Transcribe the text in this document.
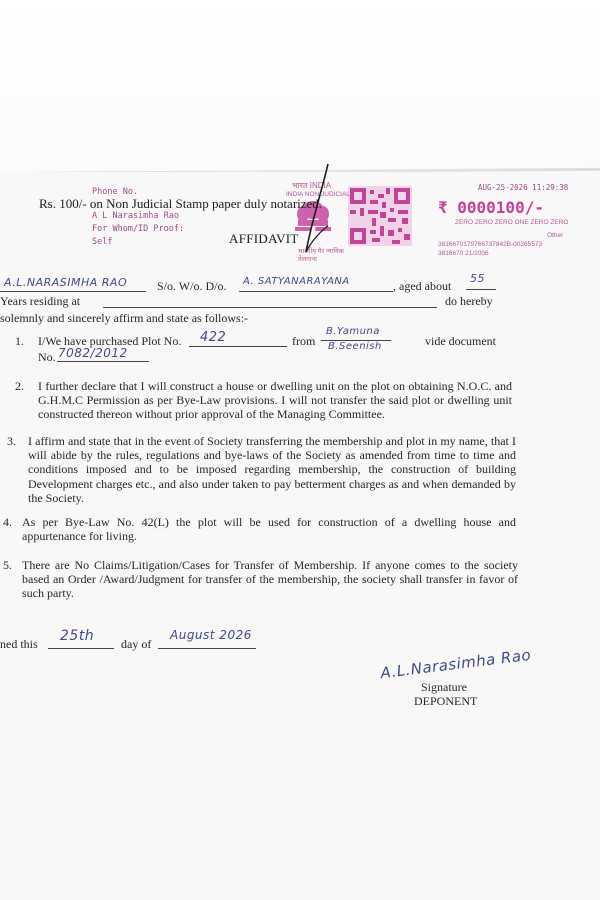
Phone No.
A L Narasimha Rao
For Whom/ID Proof:
Self
भारत INDIA
INDIA NON JUDICIAL
भारतीय गैर न्यायिक
तेलंगाना
AUG-25-2026 11:29:38
₹ 0000100/-
ZERO ZERO ZERO ONE ZERO ZERO
Other
3816670179766737842B-00265573
3816670 21/2006
Rs. 100/- on Non Judicial Stamp paper duly notarized.
AFFIDAVIT
A.L.NARASIMHA RAO S/o. W/o. D/o. A. SATYANARAYANA	, aged about
55
Years residing at	do hereby
solemnly and sincerely affirm and state as follows:-
1. I/We have purchased Plot No. 422	from
B.Yamuna
B.Seenish	vide document
No. 7082/2012
2. I further declare that I will construct a house or dwelling unit on the plot on obtaining N.O.C. and G.H.M.C Permission as per Bye-Law provisions. I will not transfer the said plot or dwelling unit constructed thereon without prior approval of the Managing Committee.
3. I affirm and state that in the event of Society transferring the membership and plot in my name, that I will abide by the rules, regulations and bye-laws of the Society as amended from time to time and conditions imposed and to be imposed regarding membership, the construction of building Development charges etc., and also under taken to pay betterment charges as and when demanded by the Society.
4. As per Bye-Law No. 42(L) the plot will be used for construction of a dwelling house and appurtenance for living.
5. There are No Claims/Litigation/Cases for Transfer of Membership. If anyone comes to the society based an Order /Award/Judgment for transfer of the membership, the society shall transfer in favor of such party.
ned this 25th day of
August 2026
A.L.Narasimha Rao
Signature
DEPONENT
